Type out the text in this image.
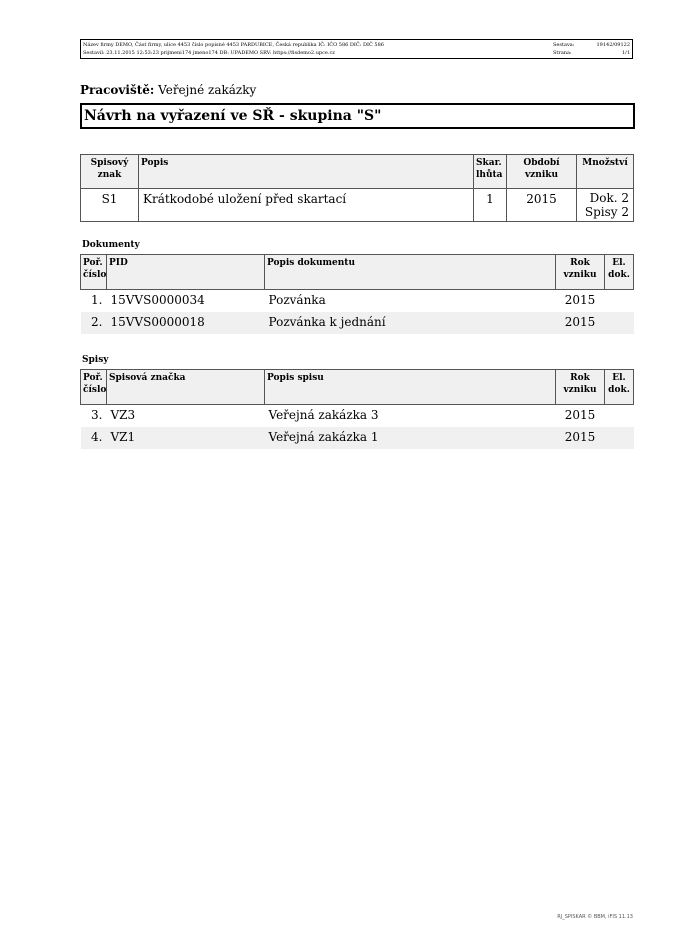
Název firmy DEMO, Část firmy, ulice 4453 číslo popisné 4453 PARDUBICE, Česká republika IČ: IČO 586 DIČ: DIČ 586
Sestavil: 23.11.2015 12:53:23 prijmeni174 jmeno174 DB: UPADEMO SRV: https://fisdemo2.upce.cz
Sestava:	19142/09122
Strana:	1/1
Pracoviště: Veřejné zakázky
Návrh na vyřazení ve SŘ - skupina "S"
Spisový znak	Popis	Skar. lhůta	Období vzniku	Množství
S1	Krátkodobé uložení před skartací	1	2015	Dok. 2
Spisy 2
Dokumenty
Poř. číslo	PID	Popis dokumentu	Rok vzniku	El. dok.
1.	15VVS0000034	Pozvánka	2015	
2.	15VVS0000018	Pozvánka k jednání	2015	
Spisy
Poř. číslo	Spisová značka	Popis spisu	Rok vzniku	El. dok.
3.	VZ3	Veřejná zakázka 3	2015	
4.	VZ1	Veřejná zakázka 1	2015	
RJ_SPISKAR © BBM, iFIS 11.13
